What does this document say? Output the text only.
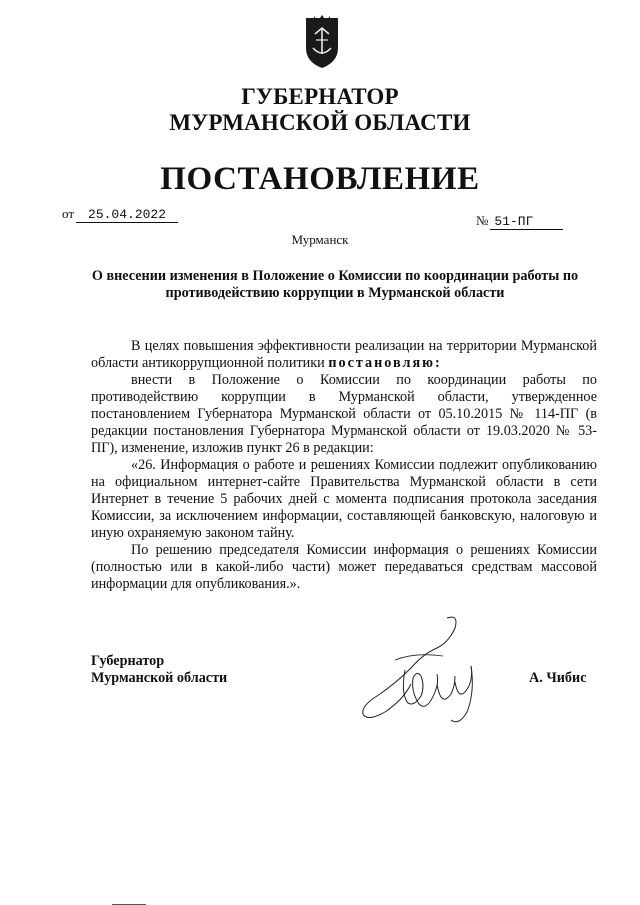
ГУБЕРНАТОР
МУРМАНСКОЙ ОБЛАСТИ
ПОСТАНОВЛЕНИЕ
от 25.04.2022	№ 51-ПГ
Мурманск
О внесении изменения в Положение о Комиссии по координации работы по противодействию коррупции в Мурманской области

В целях повышения эффективности реализации на территории Мурманской области антикоррупционной политики постановляю:

внести в Положение о Комиссии по координации работы по противодействию коррупции в Мурманской области, утвержденное постановлением Губернатора Мурманской области от 05.10.2015 № 114-ПГ (в редакции постановления Губернатора Мурманской области от 19.03.2020 № 53-ПГ), изменение, изложив пункт 26 в редакции:

«26. Информация о работе и решениях Комиссии подлежит опубликованию на официальном интернет-сайте Правительства Мурманской области в сети Интернет в течение 5 рабочих дней с момента подписания протокола заседания Комиссии, за исключением информации, составляющей банковскую, налоговую и иную охраняемую законом тайну.

По решению председателя Комиссии информация о решениях Комиссии (полностью или в какой-либо части) может передаваться средствам массовой информации для опубликования.».

Губернатор
Мурманской области	А. Чибис
